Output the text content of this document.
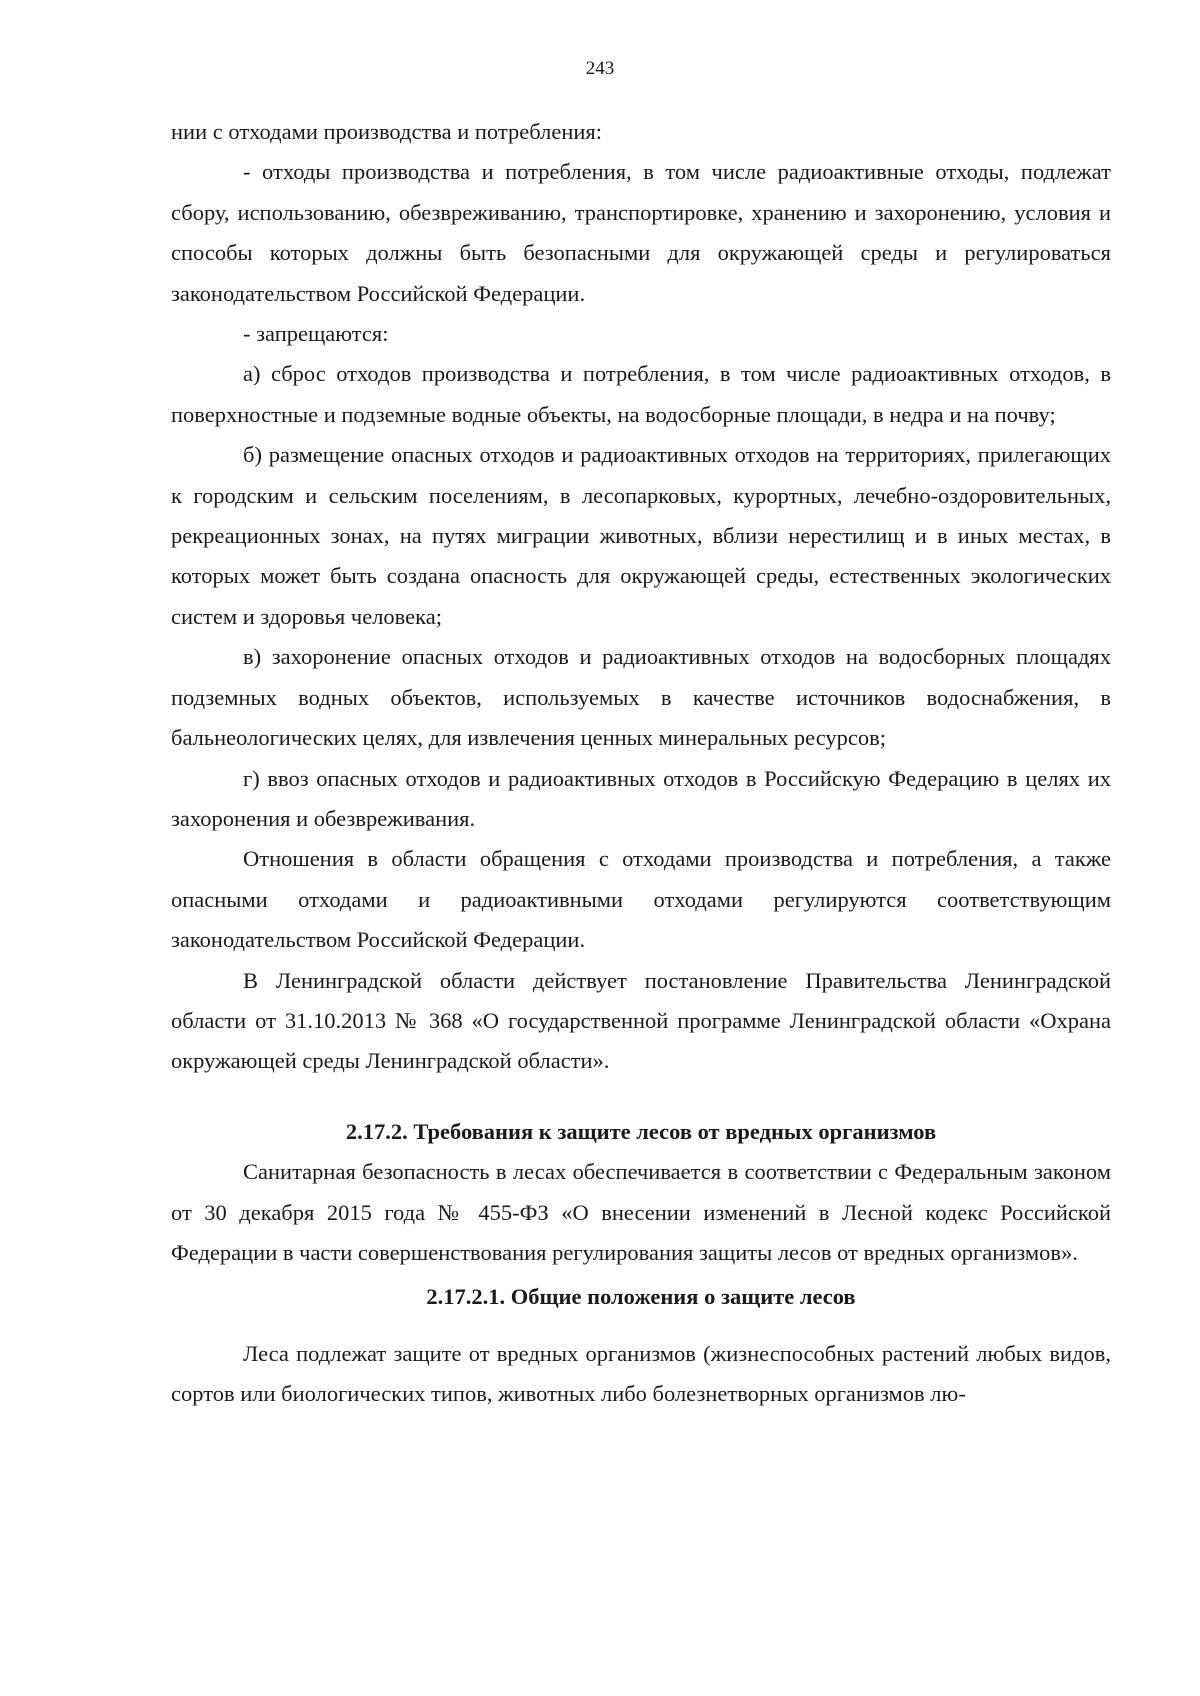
243

нии с отходами производства и потребления:

- отходы производства и потребления, в том числе радиоактивные отходы, подлежат сбору, использованию, обезвреживанию, транспортировке, хранению и захоронению, условия и способы которых должны быть безопасными для окружающей среды и регулироваться законодательством Российской Федерации.

- запрещаются:

а) сброс отходов производства и потребления, в том числе радиоактивных отходов, в поверхностные и подземные водные объекты, на водосборные площади, в недра и на почву;

б) размещение опасных отходов и радиоактивных отходов на территориях, прилегающих к городским и сельским поселениям, в лесопарковых, курортных, лечебно-оздоровительных, рекреационных зонах, на путях миграции животных, вблизи нерестилищ и в иных местах, в которых может быть создана опасность для окружающей среды, естественных экологических систем и здоровья человека;

в) захоронение опасных отходов и радиоактивных отходов на водосборных площадях подземных водных объектов, используемых в качестве источников водоснабжения, в бальнеологических целях, для извлечения ценных минеральных ресурсов;

г) ввоз опасных отходов и радиоактивных отходов в Российскую Федерацию в целях их захоронения и обезвреживания.

Отношения в области обращения с отходами производства и потребления, а также опасными отходами и радиоактивными отходами регулируются соответствующим законодательством Российской Федерации.

В Ленинградской области действует постановление Правительства Ленинградской области от 31.10.2013 № 368 «О государственной программе Ленинградской области «Охрана окружающей среды Ленинградской области».

2.17.2. Требования к защите лесов от вредных организмов

Санитарная безопасность в лесах обеспечивается в соответствии с Федеральным законом от 30 декабря 2015 года № 455-ФЗ «О внесении изменений в Лесной кодекс Российской Федерации в части совершенствования регулирования защиты лесов от вредных организмов».

2.17.2.1. Общие положения о защите лесов

Леса подлежат защите от вредных организмов (жизнеспособных растений любых видов, сортов или биологических типов, животных либо болезнетворных организмов лю-
